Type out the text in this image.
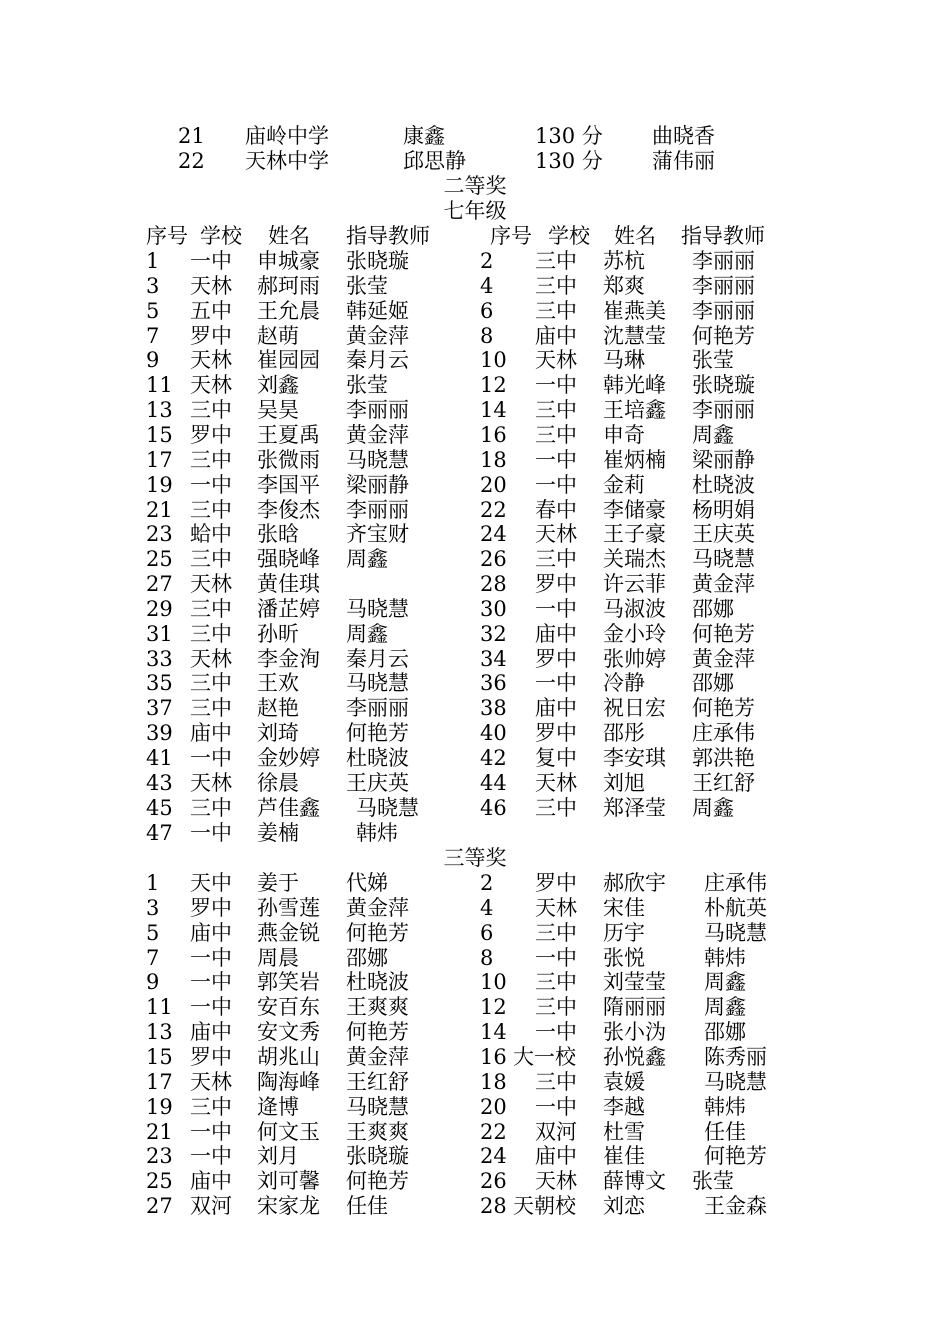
21 庙岭中学	康鑫	130 分 曲晓香
22 天林中学	邱思静	130 分 蒲伟丽
二等奖
七年级
序号 学校 姓名 指导教师	序号 学校 姓名 指导教师
1 一中 申城豪 张晓璇	2 三中 苏杭 李丽丽
3 天林 郝珂雨 张莹	4 三中 郑爽 李丽丽
5 五中 王允晨 韩延姬	6 三中 崔燕美 李丽丽
7 罗中 赵萌 黄金萍	8 庙中 沈慧莹 何艳芳
9 天林 崔园园 秦月云	10 天林 马琳 张莹
11 天林 刘鑫 张莹	12 一中 韩光峰 张晓璇
13 三中 吴昊 李丽丽	14 三中 王培鑫 李丽丽
15 罗中 王夏禹 黄金萍	16 三中 申奇 周鑫
17 三中 张微雨 马晓慧	18 一中 崔炳楠 梁丽静
19 一中 李国平 梁丽静	20 一中 金莉 杜晓波
21 三中 李俊杰 李丽丽	22 春中 李储豪 杨明娟
23 蛤中 张晗 齐宝财	24 天林 王子豪 王庆英
25 三中 强晓峰 周鑫	26 三中 关瑞杰 马晓慧
27 天林 黄佳琪	28 罗中 许云菲 黄金萍
29 三中 潘芷婷 马晓慧	30 一中 马淑波 邵娜
31 三中 孙昕 周鑫	32 庙中 金小玲 何艳芳
33 天林 李金洵 秦月云	34 罗中 张帅婷 黄金萍
35 三中 王欢 马晓慧	36 一中 冷静 邵娜
37 三中 赵艳 李丽丽	38 庙中 祝日宏 何艳芳
39 庙中 刘琦 何艳芳	40 罗中 邵彤 庄承伟
41 一中 金妙婷 杜晓波	42 复中 李安琪 郭洪艳
43 天林 徐晨 王庆英	44 天林 刘旭 王红舒
45 三中 芦佳鑫 马晓慧	46 三中 郑泽莹 周鑫
47 一中 姜楠	韩炜
三等奖
1 天中 姜于 代娣	2 罗中 郝欣宇 庄承伟
3 罗中 孙雪莲 黄金萍	4 天林 宋佳	朴航英
5 庙中 燕金锐 何艳芳	6 三中 历宇	马晓慧
7 一中 周晨 邵娜	8 一中 张悦	韩炜
9 一中 郭笑岩 杜晓波	10 三中 刘莹莹 周鑫
11 一中 安百东 王爽爽	12 三中 隋丽丽 周鑫
13 庙中 安文秀 何艳芳	14 一中 张小沩 邵娜
15 罗中 胡兆山 黄金萍	16 大一校 孙悦鑫 陈秀丽
17 天林 陶海峰 王红舒	18 三中 袁媛	马晓慧
19 三中 逄博 马晓慧	20 一中 李越	韩炜
21 一中 何文玉 王爽爽	22 双河 杜雪	任佳
23 一中 刘月 张晓璇	24 庙中 崔佳	何艳芳
25 庙中 刘可馨 何艳芳	26 天林 薛博文 张莹
27 双河 宋家龙 任佳	28 天朝校 刘恋	王金森
